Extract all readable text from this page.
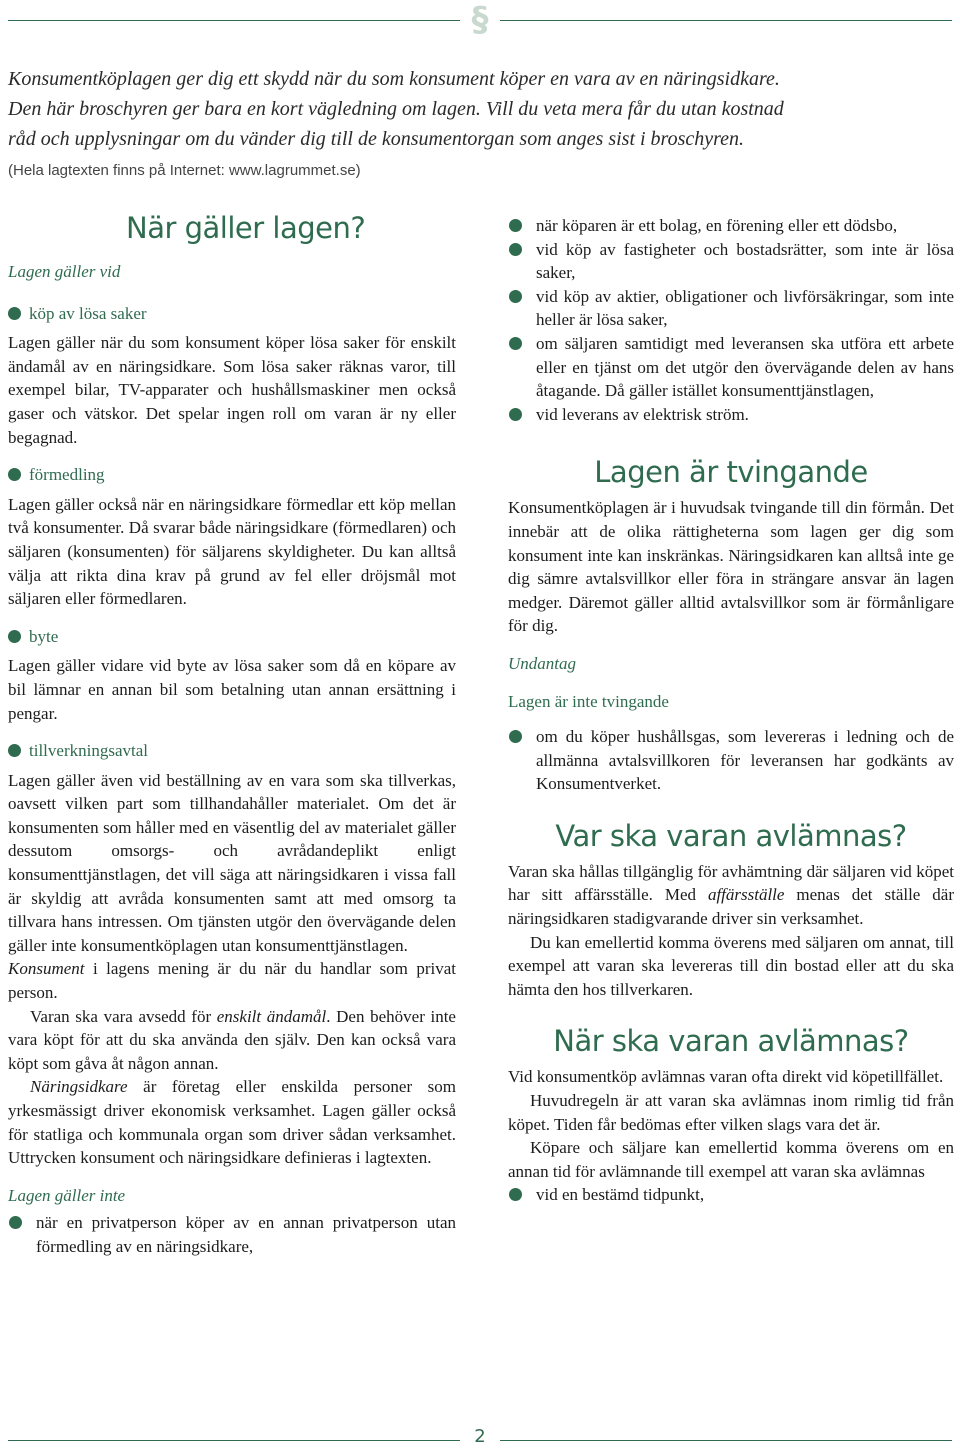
§
Konsumentköplagen ger dig ett skydd när du som konsument köper en vara av en näringsidkare.
Den här broschyren ger bara en kort vägledning om lagen. Vill du veta mera får du utan kostnad
råd och upplysningar om du vänder dig till de konsumentorgan som anges sist i broschyren.
(Hela lagtexten finns på Internet: www.lagrummet.se)
När gäller lagen?

Lagen gäller vid

köp av lösa saker

Lagen gäller när du som konsument köper lösa saker för enskilt ändamål av en näringsidkare. Som lösa saker räknas varor, till exempel bilar, TV-apparater och hushållsmaskiner men också gaser och vätskor. Det spelar ingen roll om varan är ny eller begagnad.

förmedling

Lagen gäller också när en näringsidkare förmedlar ett köp mellan två konsumenter. Då svarar både näringsidkare (förmedlaren) och säljaren (konsumenten) för säljarens skyldigheter. Du kan alltså välja att rikta dina krav på grund av fel eller dröjsmål mot säljaren eller förmedlaren.

byte

Lagen gäller vidare vid byte av lösa saker som då en köpare av bil lämnar en annan bil som betalning utan annan ersättning i pengar.

tillverkningsavtal

Lagen gäller även vid beställning av en vara som ska tillverkas, oavsett vilken part som tillhandahåller materialet. Om det är konsumenten som håller med en väsentlig del av materialet gäller dessutom omsorgs- och avrådandeplikt enligt konsumenttjänstlagen, det vill säga att näringsidkaren i vissa fall är skyldig att avråda konsumenten samt att med omsorg ta tillvara hans intressen. Om tjänsten utgör den övervägande delen gäller inte konsumentköplagen utan konsumenttjänstlagen.

Konsument i lagens mening är du när du handlar som privat person.

Varan ska vara avsedd för enskilt ändamål. Den behöver inte vara köpt för att du ska använda den själv. Den kan också vara köpt som gåva åt någon annan.

Näringsidkare är företag eller enskilda personer som yrkesmässigt driver ekonomisk verksamhet. Lagen gäller också för statliga och kommunala organ som driver sådan verksamhet. Uttrycken konsument och näringsidkare definieras i lagtexten.

Lagen gäller inte

när en privatperson köper av en annan privatperson utan förmedling av en näringsidkare,
när köparen är ett bolag, en förening eller ett dödsbo,
vid köp av fastigheter och bostadsrätter, som inte är lösa saker,
vid köp av aktier, obligationer och livförsäkringar, som inte heller är lösa saker,
om säljaren samtidigt med leveransen ska utföra ett arbete eller en tjänst om det utgör den övervägande delen av hans åtagande. Då gäller istället konsumenttjänstlagen,
vid leverans av elektrisk ström.
Lagen är tvingande

Konsumentköplagen är i huvudsak tvingande till din förmån. Det innebär att de olika rättigheterna som lagen ger dig som konsument inte kan inskränkas. Näringsidkaren kan alltså inte ge dig sämre avtalsvillkor eller föra in strängare ansvar än lagen medger. Däremot gäller alltid avtalsvillkor som är förmånligare för dig.

Undantag

Lagen är inte tvingande

om du köper hushållsgas, som levereras i ledning och de allmänna avtalsvillkoren för leveransen har godkänts av Konsumentverket.
Var ska varan avlämnas?

Varan ska hållas tillgänglig för avhämtning där säljaren vid köpet har sitt affärsställe. Med affärsställe menas det ställe där näringsidkaren stadigvarande driver sin verksamhet.

Du kan emellertid komma överens med säljaren om annat, till exempel att varan ska levereras till din bostad eller att du ska hämta den hos tillverkaren.

När ska varan avlämnas?

Vid konsumentköp avlämnas varan ofta direkt vid köpetillfället.

Huvudregeln är att varan ska avlämnas inom rimlig tid från köpet. Tiden får bedömas efter vilken slags vara det är.

Köpare och säljare kan emellertid komma överens om en annan tid för avlämnande till exempel att varan ska avlämnas

vid en bestämd tidpunkt,
2
